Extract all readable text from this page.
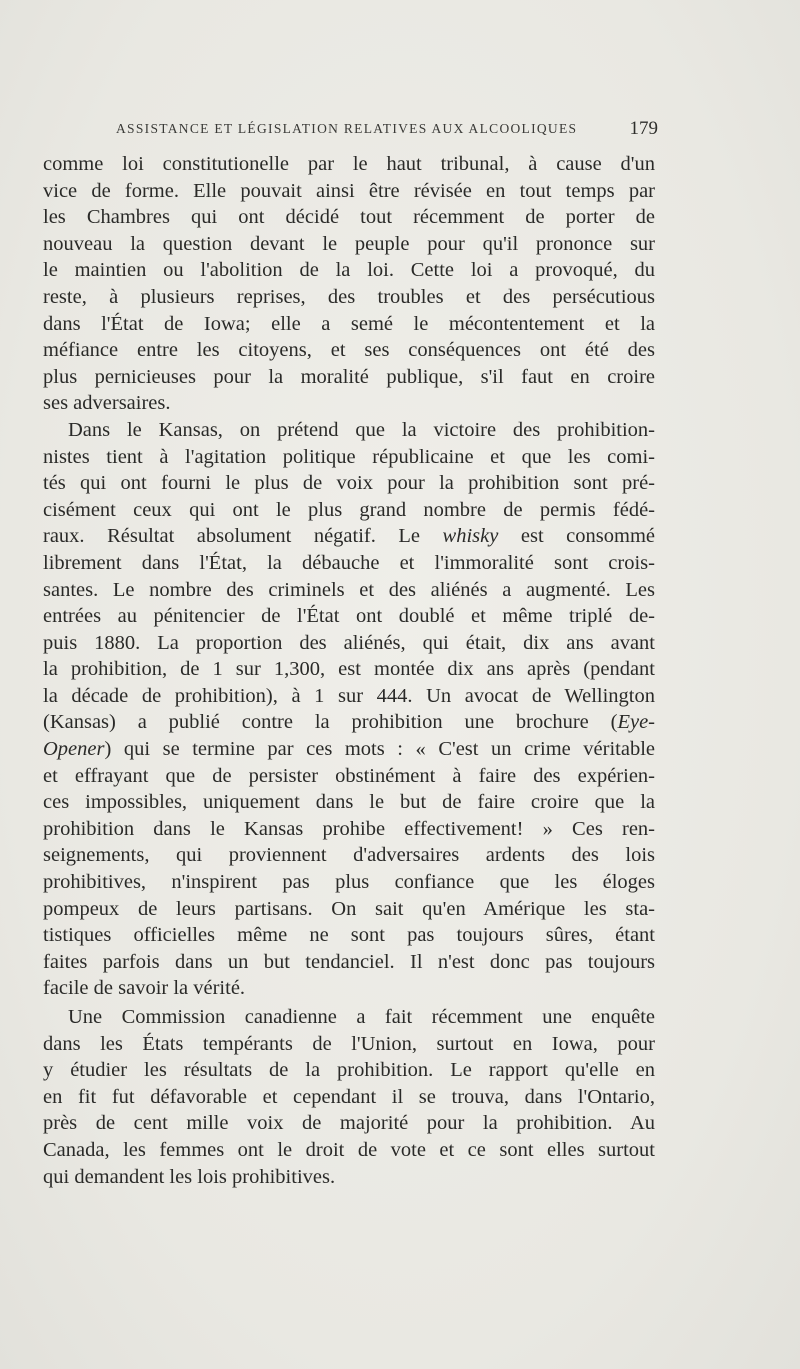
ASSISTANCE ET LÉGISLATION RELATIVES AUX ALCOOLIQUES	179
comme loi constitutionelle par le haut tribunal, à cause d'un
vice de forme. Elle pouvait ainsi être révisée en tout temps par
les Chambres qui ont décidé tout récemment de porter de
nouveau la question devant le peuple pour qu'il prononce sur
le maintien ou l'abolition de la loi. Cette loi a provoqué, du
reste, à plusieurs reprises, des troubles et des persécutious
dans l'État de Iowa; elle a semé le mécontentement et la
méfiance entre les citoyens, et ses conséquences ont été des
plus pernicieuses pour la moralité publique, s'il faut en croire
ses adversaires.
Dans le Kansas, on prétend que la victoire des prohibition-
nistes tient à l'agitation politique républicaine et que les comi-
tés qui ont fourni le plus de voix pour la prohibition sont pré-
cisément ceux qui ont le plus grand nombre de permis fédé-
raux. Résultat absolument négatif. Le whisky est consommé
librement dans l'État, la débauche et l'immoralité sont crois-
santes. Le nombre des criminels et des aliénés a augmenté. Les
entrées au pénitencier de l'État ont doublé et même triplé de-
puis 1880. La proportion des aliénés, qui était, dix ans avant
la prohibition, de 1 sur 1,300, est montée dix ans après (pendant
la décade de prohibition), à 1 sur 444. Un avocat de Wellington
(Kansas) a publié contre la prohibition une brochure (Eye-
Opener) qui se termine par ces mots : « C'est un crime véritable
et effrayant que de persister obstinément à faire des expérien-
ces impossibles, uniquement dans le but de faire croire que la
prohibition dans le Kansas prohibe effectivement! » Ces ren-
seignements, qui proviennent d'adversaires ardents des lois
prohibitives, n'inspirent pas plus confiance que les éloges
pompeux de leurs partisans. On sait qu'en Amérique les sta-
tistiques officielles même ne sont pas toujours sûres, étant
faites parfois dans un but tendanciel. Il n'est donc pas toujours
facile de savoir la vérité.
Une Commission canadienne a fait récemment une enquête
dans les États tempérants de l'Union, surtout en Iowa, pour
y étudier les résultats de la prohibition. Le rapport qu'elle en
en fit fut défavorable et cependant il se trouva, dans l'Ontario,
près de cent mille voix de majorité pour la prohibition. Au
Canada, les femmes ont le droit de vote et ce sont elles surtout
qui demandent les lois prohibitives.
